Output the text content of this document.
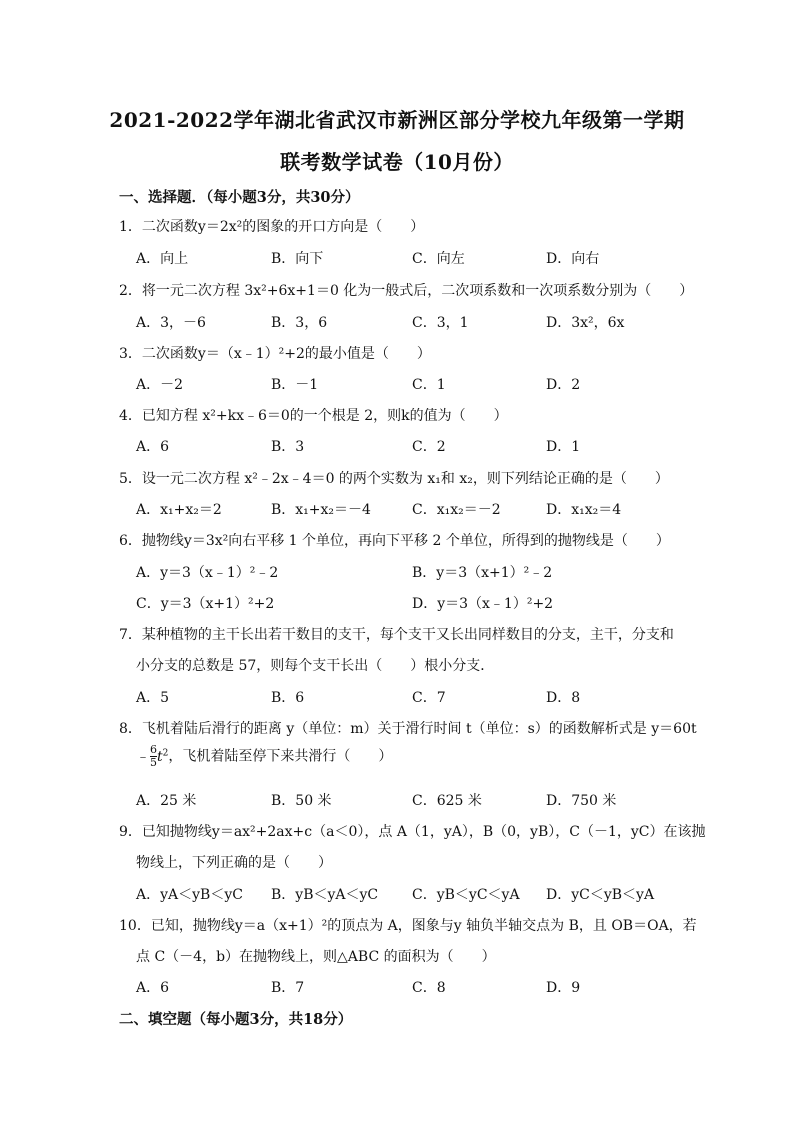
2021-2022学年湖北省武汉市新洲区部分学校九年级第一学期
联考数学试卷（10月份）
一、选择题．（每小题3分，共30分）
1．二次函数y＝2x²的图象的开口方向是（　　）
A．向上	B．向下	C．向左	D．向右
2．将一元二次方程 3x²+6x+1＝0 化为一般式后，二次项系数和一次项系数分别为（　　）
A．3，－6	B．3，6	C．3，1	D．3x²，6x
3．二次函数y＝（x﹣1）²+2的最小值是（　　）
A．－2	B．－1	C．1	D．2
4．已知方程 x²+kx﹣6＝0的一个根是 2，则k的值为（　　）
A．6	B．3	C．2	D．1
5．设一元二次方程 x²﹣2x﹣4＝0 的两个实数为 x₁和 x₂，则下列结论正确的是（　　）
A．x₁+x₂＝2	B．x₁+x₂＝－4	C．x₁x₂＝－2	D．x₁x₂＝4
6．抛物线y＝3x²向右平移 1 个单位，再向下平移 2 个单位，所得到的抛物线是（　　）
A．y＝3（x﹣1）²﹣2	B．y＝3（x+1）²﹣2
C．y＝3（x+1）²+2	D．y＝3（x﹣1）²+2
7．某种植物的主干长出若干数目的支干，每个支干又长出同样数目的分支，主干，分支和
小分支的总数是 57，则每个支干长出（　　）根小分支．
A．5	B．6	C．7	D．8
8．飞机着陆后滑行的距离 y（单位：m）关于滑行时间 t（单位：s）的函数解析式是 y＝60t
﹣ $\frac{6}{5} t^2$，飞机着陆至停下来共滑行（　　）
A．25 米	B．50 米	C．625 米	D．750 米
9．已知抛物线y＝ax²+2ax+c（a＜0），点 A（1，yA），B（0，yB），C（－1，yC）在该抛
物线上，下列正确的是（　　）
A．yA＜yB＜yC B．yB＜yA＜yC C．yB＜yC＜yA D．yC＜yB＜yA
10．已知，抛物线y＝a（x+1）²的顶点为 A，图象与y 轴负半轴交点为 B，且 OB＝OA，若
点 C（－4，b）在抛物线上，则△ABC 的面积为（　　）
A．6	B．7	C．8	D．9
二、填空题（每小题3分，共18分）
